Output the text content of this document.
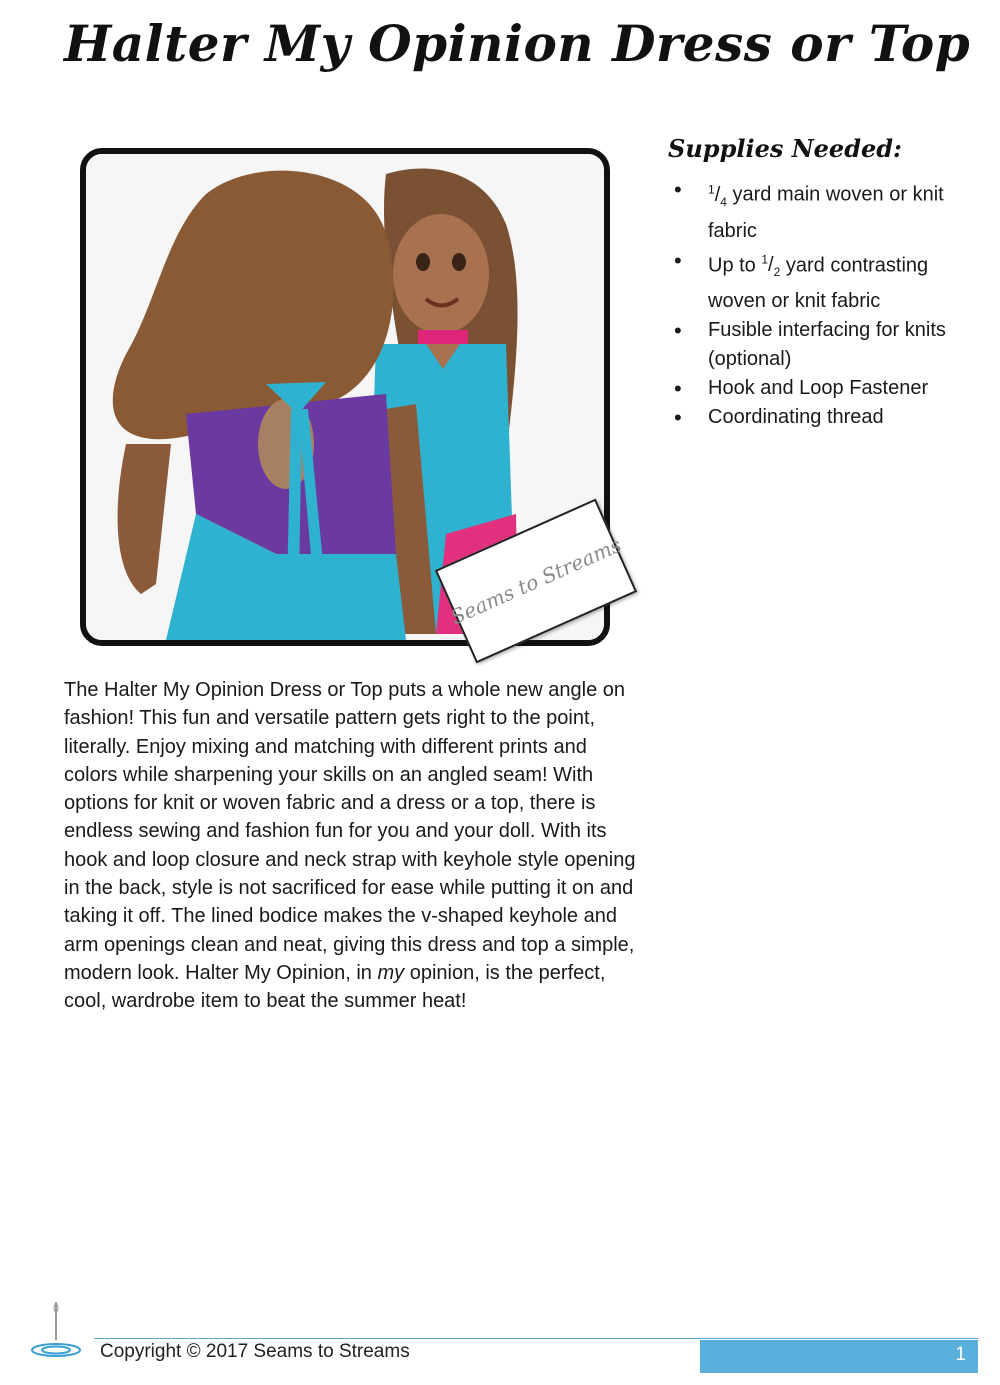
Halter My Opinion Dress or Top
Seams to Streams
Supplies Needed:
• $^1/_4$ yard main woven or knit fabric
• Up to $^1/_2$ yard contrasting woven or knit fabric
• Fusible interfacing for knits (optional)
• Hook and Loop Fastener
• Coordinating thread

The Halter My Opinion Dress or Top puts a whole new angle on fashion! This fun and versatile pattern gets right to the point, literally. Enjoy mixing and matching with different prints and colors while sharpening your skills on an angled seam! With options for knit or woven fabric and a dress or a top, there is endless sewing and fashion fun for you and your doll. With its hook and loop closure and neck strap with keyhole style opening in the back, style is not sacrificed for ease while putting it on and taking it off. The lined bodice makes the v-shaped keyhole and arm openings clean and neat, giving this dress and top a simple, modern look. Halter My Opinion, in my opinion, is the perfect, cool, wardrobe item to beat the summer heat!

Copyright © 2017 Seams to Streams	1
